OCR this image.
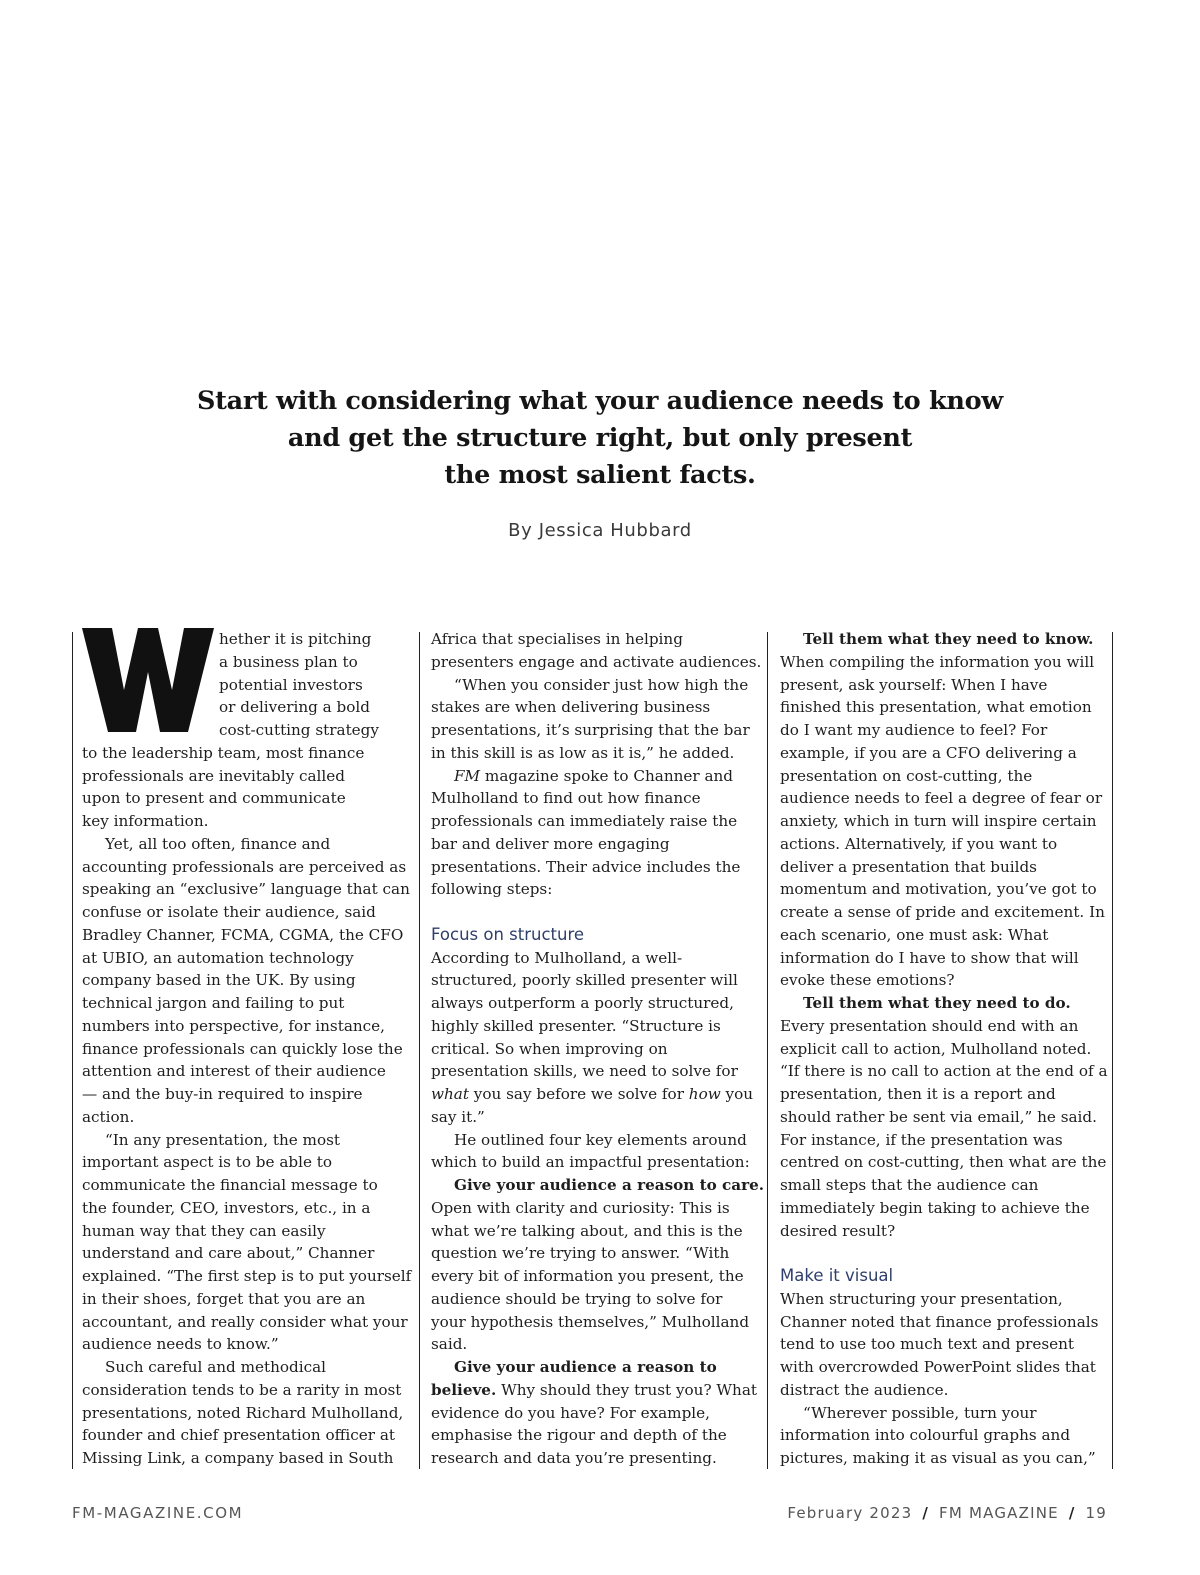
Start with considering what your audience needs to know
and get the structure right, but only present
the most salient facts.
By Jessica Hubbard
hether it is pitching
a business plan to
potential investors
or delivering a bold
cost-cutting strategy
to the leadership team, most finance
professionals are inevitably called
upon to present and communicate
key information.
Yet, all too often, finance and
accounting professionals are perceived as
speaking an “exclusive” language that can
confuse or isolate their audience, said
Bradley Channer, FCMA, CGMA, the CFO
at UBIO, an automation technology
company based in the UK. By using
technical jargon and failing to put
numbers into perspective, for instance,
finance professionals can quickly lose the
attention and interest of their audience
— and the buy-in required to inspire
action.
“In any presentation, the most
important aspect is to be able to
communicate the financial message to
the founder, CEO, investors, etc., in a
human way that they can easily
understand and care about,” Channer
explained. “The first step is to put yourself
in their shoes, forget that you are an
accountant, and really consider what your
audience needs to know.”
Such careful and methodical
consideration tends to be a rarity in most
presentations, noted Richard Mulholland,
founder and chief presentation officer at
Missing Link, a company based in South
Africa that specialises in helping
presenters engage and activate audiences.
“When you consider just how high the
stakes are when delivering business
presentations, it’s surprising that the bar
in this skill is as low as it is,” he added.
FM magazine spoke to Channer and
Mulholland to find out how finance
professionals can immediately raise the
bar and deliver more engaging
presentations. Their advice includes the
following steps:
Focus on structure
According to Mulholland, a well-
structured, poorly skilled presenter will
always outperform a poorly structured,
highly skilled presenter. “Structure is
critical. So when improving on
presentation skills, we need to solve for
what you say before we solve for how you
say it.”
He outlined four key elements around
which to build an impactful presentation:
Give your audience a reason to care.
Open with clarity and curiosity: This is
what we’re talking about, and this is the
question we’re trying to answer. “With
every bit of information you present, the
audience should be trying to solve for
your hypothesis themselves,” Mulholland
said.
Give your audience a reason to
believe. Why should they trust you? What
evidence do you have? For example,
emphasise the rigour and depth of the
research and data you’re presenting.
Tell them what they need to know.
When compiling the information you will
present, ask yourself: When I have
finished this presentation, what emotion
do I want my audience to feel? For
example, if you are a CFO delivering a
presentation on cost-cutting, the
audience needs to feel a degree of fear or
anxiety, which in turn will inspire certain
actions. Alternatively, if you want to
deliver a presentation that builds
momentum and motivation, you’ve got to
create a sense of pride and excitement. In
each scenario, one must ask: What
information do I have to show that will
evoke these emotions?
Tell them what they need to do.
Every presentation should end with an
explicit call to action, Mulholland noted.
“If there is no call to action at the end of a
presentation, then it is a report and
should rather be sent via email,” he said.
For instance, if the presentation was
centred on cost-cutting, then what are the
small steps that the audience can
immediately begin taking to achieve the
desired result?
Make it visual
When structuring your presentation,
Channer noted that finance professionals
tend to use too much text and present
with overcrowded PowerPoint slides that
distract the audience.
“Wherever possible, turn your
information into colourful graphs and
pictures, making it as visual as you can,”
FM-MAGAZINE.COM	February 2023 / FM MAGAZINE / 19
